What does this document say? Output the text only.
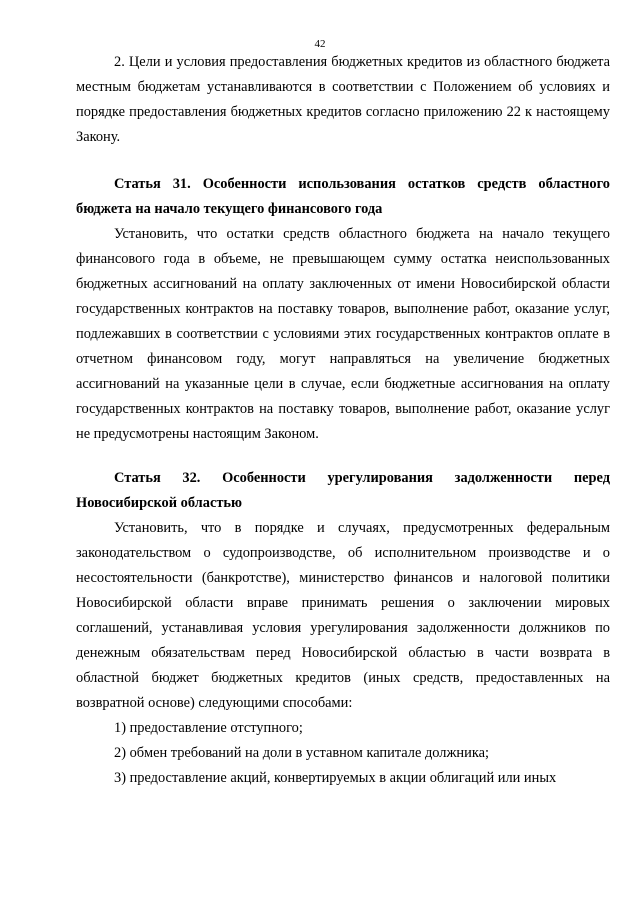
42

2. Цели и условия предоставления бюджетных кредитов из областного бюджета местным бюджетам устанавливаются в соответствии с Положением об условиях и порядке предоставления бюджетных кредитов согласно приложению 22 к настоящему Закону.

Статья 31. Особенности использования остатков средств областного бюджета на начало текущего финансового года

Установить, что остатки средств областного бюджета на начало текущего финансового года в объеме, не превышающем сумму остатка неиспользованных бюджетных ассигнований на оплату заключенных от имени Новосибирской области государственных контрактов на поставку товаров, выполнение работ, оказание услуг, подлежавших в соответствии с условиями этих государственных контрактов оплате в отчетном финансовом году, могут направляться на увеличение бюджетных ассигнований на указанные цели в случае, если бюджетные ассигнования на оплату государственных контрактов на поставку товаров, выполнение работ, оказание услуг не предусмотрены настоящим Законом.

Статья 32. Особенности урегулирования задолженности перед Новосибирской областью

Установить, что в порядке и случаях, предусмотренных федеральным законодательством о судопроизводстве, об исполнительном производстве и о несостоятельности (банкротстве), министерство финансов и налоговой политики Новосибирской области вправе принимать решения о заключении мировых соглашений, устанавливая условия урегулирования задолженности должников по денежным обязательствам перед Новосибирской областью в части возврата в областной бюджет бюджетных кредитов (иных средств, предоставленных на возвратной основе) следующими способами:

1) предоставление отступного;

2) обмен требований на доли в уставном капитале должника;

3) предоставление акций, конвертируемых в акции облигаций или иных
